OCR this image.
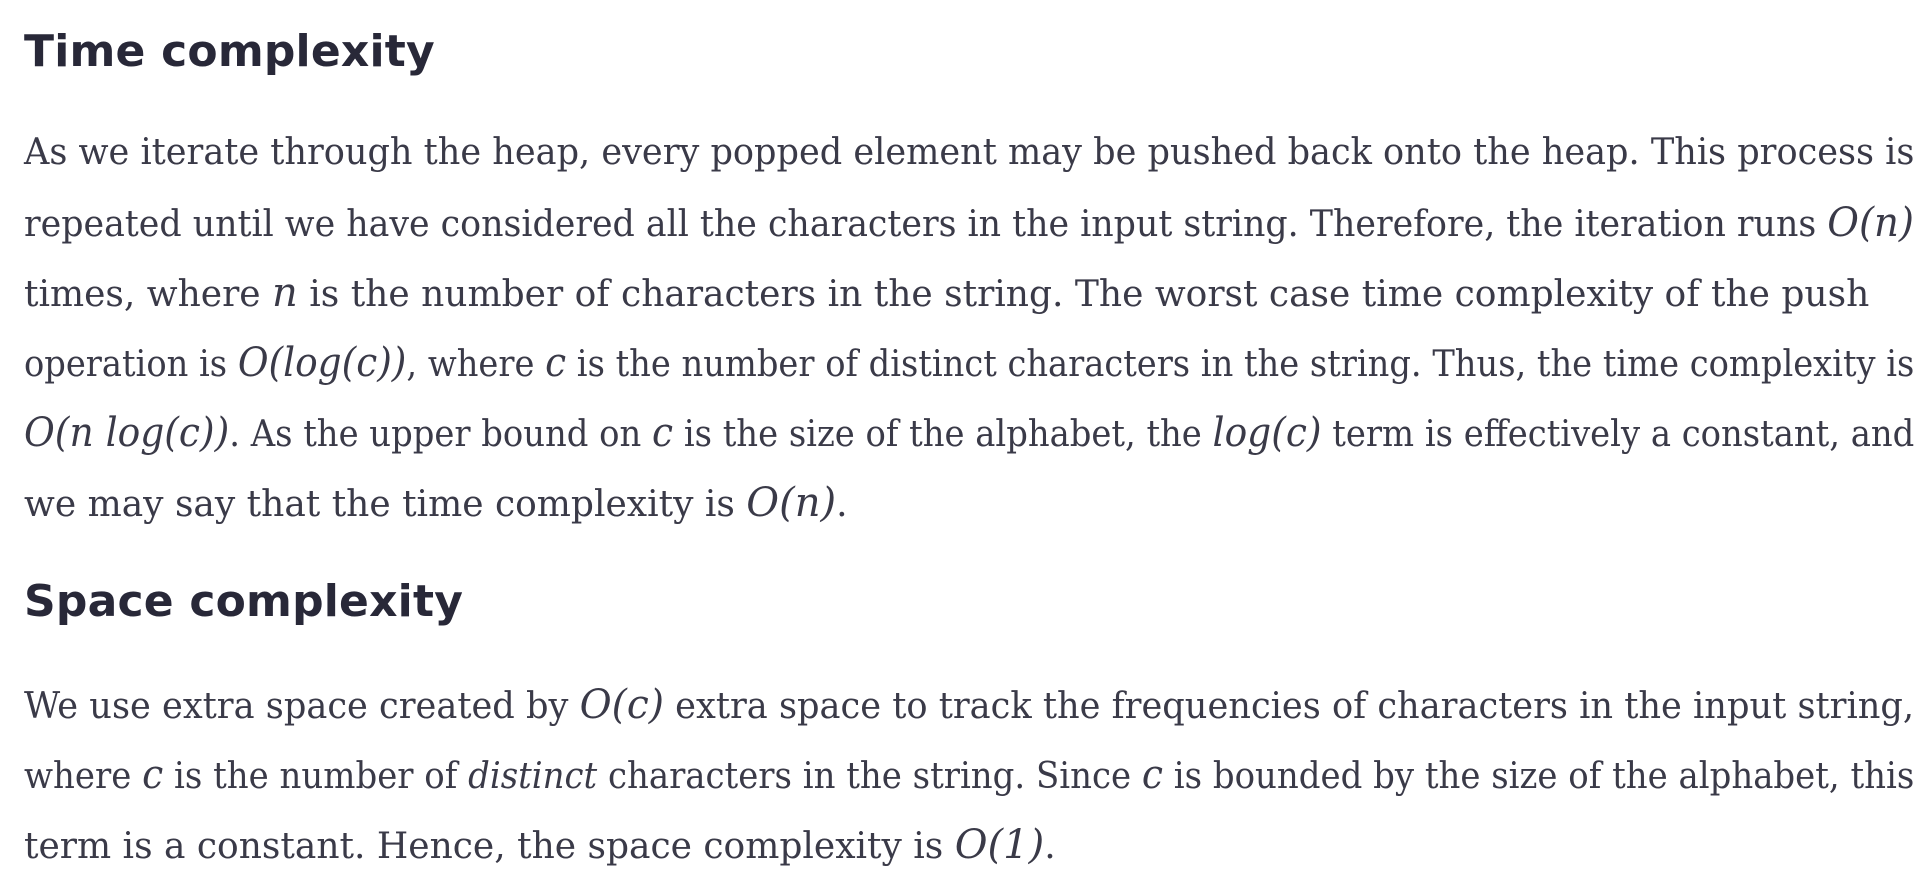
Time complexity

As we iterate through the heap, every popped element may be pushed back onto the heap. This process is
repeated until we have considered all the characters in the input string. Therefore, the iteration runs O(n)
times, where n is the number of characters in the string. The worst case time complexity of the push
operation is O(log(c)), where c is the number of distinct characters in the string. Thus, the time complexity is
O(n log(c)). As the upper bound on c is the size of the alphabet, the log(c) term is effectively a constant, and
we may say that the time complexity is O(n).

Space complexity

We use extra space created by O(c) extra space to track the frequencies of characters in the input string,
where c is the number of distinct characters in the string. Since c is bounded by the size of the alphabet, this
term is a constant. Hence, the space complexity is O(1).
